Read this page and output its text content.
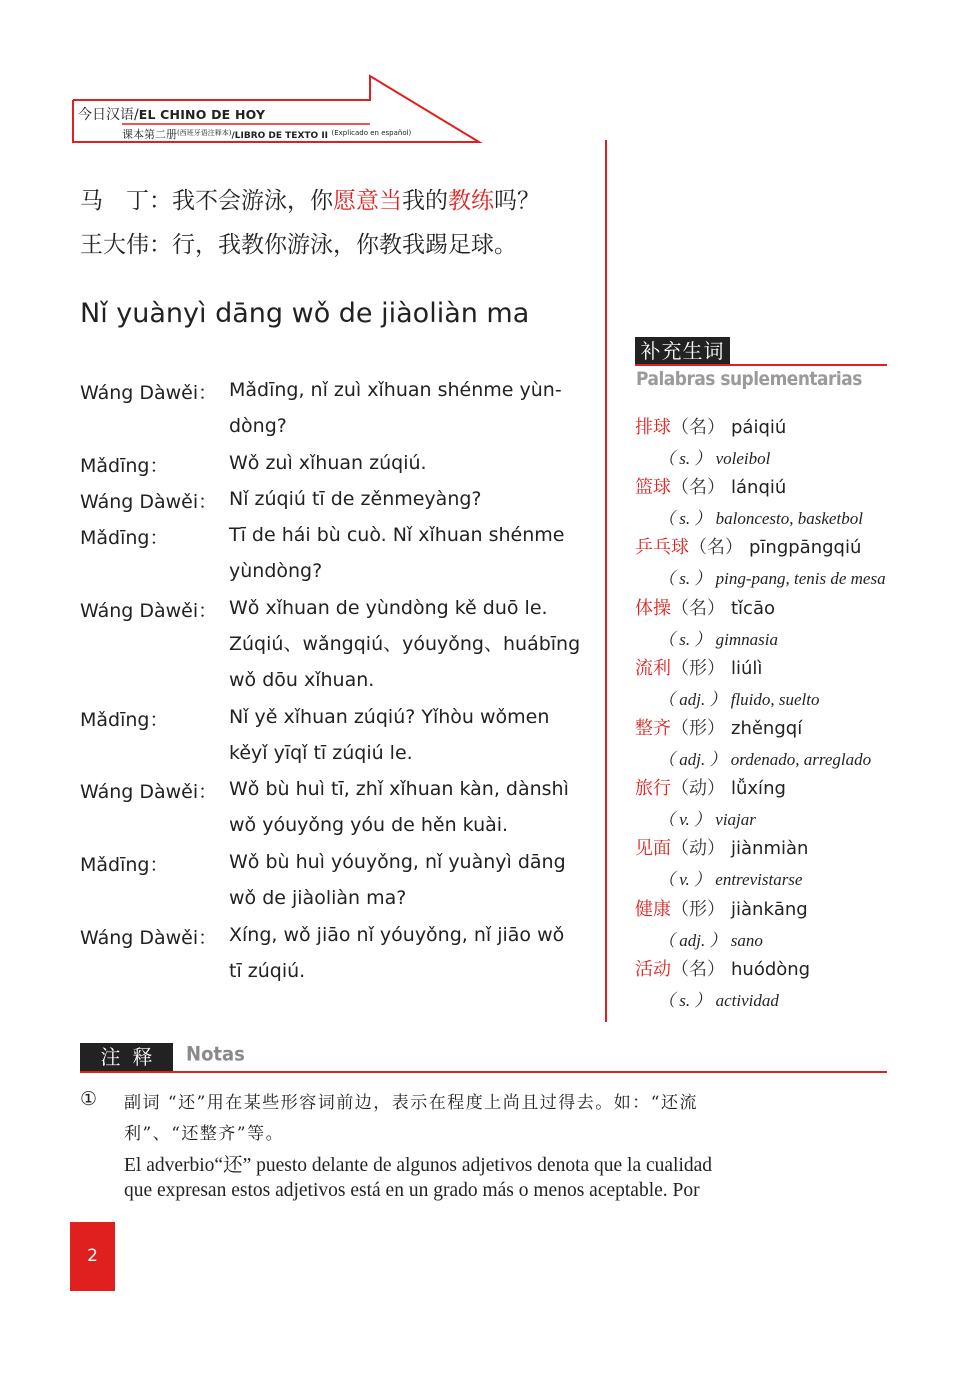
今日汉语/EL CHINO DE HOY
课本第二册$^{(西班牙语注释本)}$/LIBRO DE TEXTO II $^{(Explicado en español)}$
马　丁：我不会游泳，你愿意当我的教练吗？
王大伟：行，我教你游泳，你教我踢足球。
Nǐ yuànyì dāng wǒ de jiàoliàn ma
Wáng Dàwěi： Mǎdīng, nǐ zuì xǐhuan shénme yùn-
dòng?
Mǎdīng：	Wǒ zuì xǐhuan zúqiú.
Wáng Dàwěi： Nǐ zúqiú tī de zěnmeyàng?
Mǎdīng：	Tī de hái bù cuò. Nǐ xǐhuan shénme
yùndòng?
Wáng Dàwěi： Wǒ xǐhuan de yùndòng kě duō le.
Zúqiú、wǎngqiú、yóuyǒng、huábīng
wǒ dōu xǐhuan.
Mǎdīng：	Nǐ yě xǐhuan zúqiú? Yǐhòu wǒmen
kěyǐ yīqǐ tī zúqiú le.
Wáng Dàwěi： Wǒ bù huì tī, zhǐ xǐhuan kàn, dànshì
wǒ yóuyǒng yóu de hěn kuài.
Mǎdīng：	Wǒ bù huì yóuyǒng, nǐ yuànyì dāng
wǒ de jiàoliàn ma?
Wáng Dàwěi： Xíng, wǒ jiāo nǐ yóuyǒng, nǐ jiāo wǒ
tī zúqiú.
补充生词
Palabras suplementarias
排球（名） páiqiú
（ s. ） voleibol
篮球（名） lánqiú
（ s. ） baloncesto, basketbol
乒乓球（名） pīngpāngqiú
（ s. ） ping-pang, tenis de mesa
体操（名） tǐcāo
（ s. ） gimnasia
流利（形） liúlì
（ adj. ） fluido, suelto
整齐（形） zhěngqí
（ adj. ） ordenado, arreglado
旅行（动） lǚxíng
（ v. ） viajar
见面（动） jiànmiàn
（ v. ） entrevistarse
健康（形） jiànkāng
（ adj. ） sano
活动（名） huódòng
（ s. ） actividad
注释	Notas
① 副词 “还”用在某些形容词前边，表示在程度上尚且过得去。如：“还流
利”、“还整齐”等。
El adverbio“还” puesto delante de algunos adjetivos denota que la cualidad
que expresan estos adjetivos está en un grado más o menos aceptable. Por
2
